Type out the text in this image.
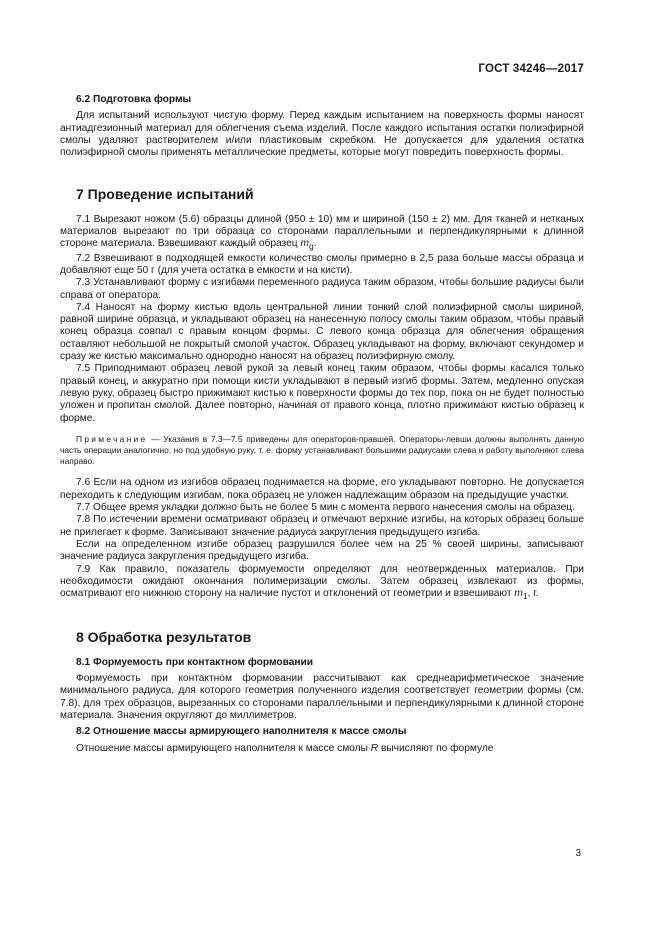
ГОСТ 34246—2017
6.2 Подготовка формы

Для испытаний используют чистую форму. Перед каждым испытанием на поверхность формы наносят антиадгезионный материал для облегчения съема изделий. После каждого испытания остатки полиэфирной смолы удаляют растворителем и/или пластиковым скребком. Не допускается для удаления остатка полиэфирной смолы применять металлические предметы, которые могут повредить поверхность формы.

7 Проведение испытаний

7.1 Вырезают ножом (5.6) образцы длиной (950 ± 10) мм и шириной (150 ± 2) мм. Для тканей и нетканых материалов вырезают по три образца со сторонами параллельными и перпендикулярными к длинной стороне материала. Взвешивают каждый образец $m_g$.

7.2 Взвешивают в подходящей емкости количество смолы примерно в 2,5 раза больше массы образца и добавляют еще 50 г (для учета остатка в емкости и на кисти).

7.3 Устанавливают форму с изгибами переменного радиуса таким образом, чтобы большие радиусы были справа от оператора.

7.4 Наносят на форму кистью вдоль центральной линии тонкий слой полиэфирной смолы шириной, равной ширине образца, и укладывают образец на нанесенную полосу смолы таким образом, чтобы правый конец образца совпал с правым концом формы. С левого конца образца для облегчения обращения оставляют небольшой не покрытый смолой участок. Образец укладывают на форму, включают секундомер и сразу же кистью максимально однородно наносят на образец полиэфирную смолу.

7.5 Приподнимают образец левой рукой за левый конец таким образом, чтобы формы касался только правый конец, и аккуратно при помощи кисти укладывают в первый изгиб формы. Затем, медленно опуская левую руку, образец быстро прижимают кистью к поверхности формы до тех пор, пока он не будет полностью уложен и пропитан смолой. Далее повторно, начиная от правого конца, плотно прижимают кистью образец к форме.

Примечание — Указания в 7.3—7.5 приведены для операторов-правшей. Операторы-левши должны выполнять данную часть операции аналогично, но под удобную руку, т. е. форму устанавливают большими радиусами слева и работу выполняют слева направо.

7.6 Если на одном из изгибов образец поднимается на форме, его укладывают повторно. Не допускается переходить к следующим изгибам, пока образец не уложен надлежащим образом на предыдущие участки.

7.7 Общее время укладки должно быть не более 5 мин с момента первого нанесения смолы на образец.

7.8 По истечении времени осматривают образец и отмечают верхние изгибы, на которых образец больше не прилегает к форме. Записывают значение радиуса закругления предыдущего изгиба.

Если на определенном изгибе образец разрушился более чем на 25 % своей ширины, записывают значение радиуса закругления предыдущего изгиба.

7.9 Как правило, показатель формуемости определяют для неотвержденных материалов. При необходимости ожидают окончания полимеризации смолы. Затем образец извлекают из формы, осматривают его нижнюю сторону на наличие пустот и отклонений от геометрии и взвешивают $m_1$, г.

8 Обработка результатов
8.1 Формуемость при контактном формовании

Формуемость при контактном формовании рассчитывают как среднеарифметическое значение минимального радиуса, для которого геометрия полученного изделия соответствует геометрии формы (см. 7.8), для трех образцов, вырезанных со сторонами параллельными и перпендикулярными к длинной стороне материала. Значения округляют до миллиметров.

8.2 Отношение массы армирующего наполнителя к массе смолы

Отношение массы армирующего наполнителя к массе смолы R вычисляют по формуле

3
